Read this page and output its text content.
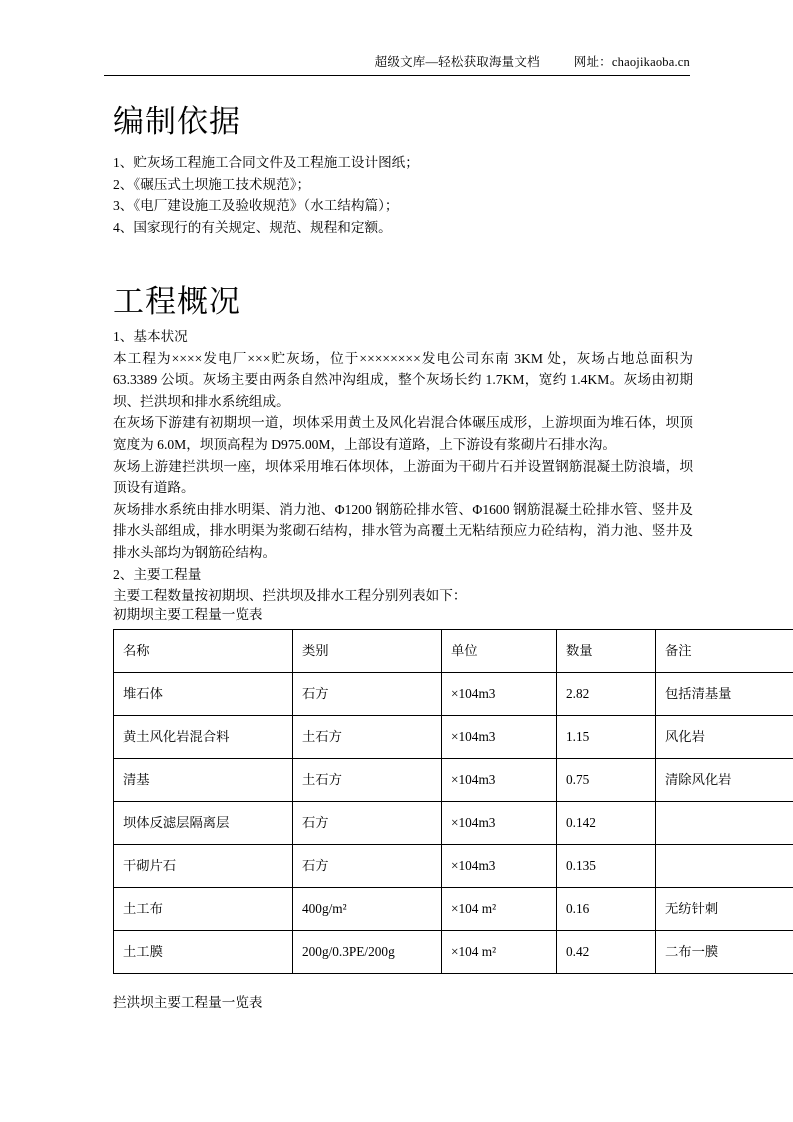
超级文库—轻松获取海量文档	网址：chaojikaoba.cn
编制依据

1、贮灰场工程施工合同文件及工程施工设计图纸；

2、《碾压式土坝施工技术规范》；

3、《电厂建设施工及验收规范》（水工结构篇）；

4、国家现行的有关规定、规范、规程和定额。

工程概况

1、基本状况

本工程为××××发电厂×××贮灰场，位于××××××××发电公司东南 3KM 处，灰场占地总面积为 63.3389 公顷。灰场主要由两条自然冲沟组成，整个灰场长约 1.7KM，宽约 1.4KM。灰场由初期坝、拦洪坝和排水系统组成。

在灰场下游建有初期坝一道，坝体采用黄土及风化岩混合体碾压成形，上游坝面为堆石体，坝顶宽度为 6.0M，坝顶高程为 D975.00M，上部设有道路，上下游设有浆砌片石排水沟。

灰场上游建拦洪坝一座，坝体采用堆石体坝体，上游面为干砌片石并设置钢筋混凝土防浪墙，坝顶设有道路。

灰场排水系统由排水明渠、消力池、Φ1200 钢筋砼排水管、Φ1600 钢筋混凝土砼排水管、竖井及排水头部组成，排水明渠为浆砌石结构，排水管为高覆土无粘结预应力砼结构，消力池、竖井及排水头部均为钢筋砼结构。

2、主要工程量

主要工程数量按初期坝、拦洪坝及排水工程分别列表如下：

初期坝主要工程量一览表
名称	类别	单位	数量	备注
堆石体	石方	×104m3	2.82	包括清基量
黄土风化岩混合料	土石方	×104m3	1.15	风化岩
清基	土石方	×104m3	0.75	清除风化岩
坝体反滤层隔离层	石方	×104m3	0.142	
干砌片石	石方	×104m3	0.135	
土工布	400g/m²	×104 m²	0.16	无纺针刺
土工膜	200g/0.3PE/200g	×104 m²	0.42	二布一膜
拦洪坝主要工程量一览表
